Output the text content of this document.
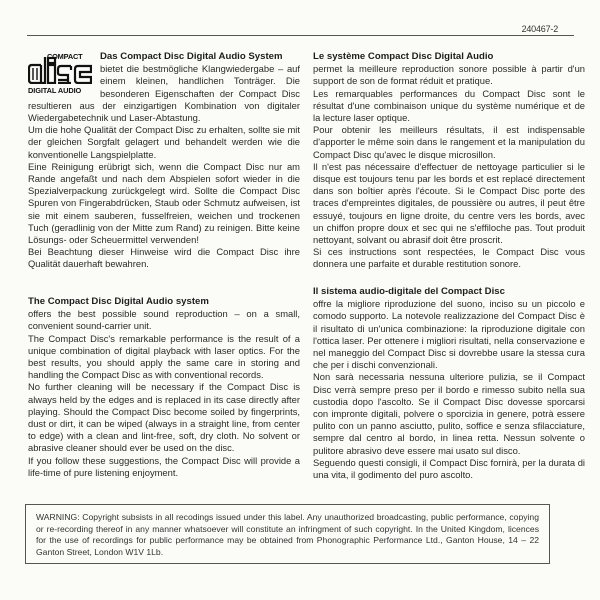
240467-2
COMPACT
DIGITAL AUDIO
Das Compact Disc Digital Audio System

bietet die bestmögliche Klangwiedergabe – auf einem kleinen, handlichen Tonträger. Die besonderen Eigenschaften der Compact Disc resultieren aus der einzigartigen Kombination von digitaler Wiedergabetechnik und Laser-Abtastung.

Um die hohe Qualität der Compact Disc zu erhalten, sollte sie mit der gleichen Sorgfalt gelagert und behandelt werden wie die konventionelle Langspielplatte.

Eine Reinigung erübrigt sich, wenn die Compact Disc nur am Rande angefaßt und nach dem Abspielen sofort wieder in die Spezialverpackung zurückgelegt wird. Sollte die Compact Disc Spuren von Fingerabdrücken, Staub oder Schmutz aufweisen, ist sie mit einem sauberen, fusselfreien, weichen und trockenen Tuch (geradlinig von der Mitte zum Rand) zu reinigen. Bitte keine Lösungs- oder Scheuermittel verwenden!

Bei Beachtung dieser Hinweise wird die Compact Disc ihre Qualität dauerhaft bewahren.

The Compact Disc Digital Audio system

offers the best possible sound reproduction – on a small, convenient sound-carrier unit.

The Compact Disc's remarkable performance is the result of a unique combination of digital playback with laser optics. For the best results, you should apply the same care in storing and handling the Compact Disc as with conventional records.

No further cleaning will be necessary if the Compact Disc is always held by the edges and is replaced in its case directly after playing. Should the Compact Disc become soiled by fingerprints, dust or dirt, it can be wiped (always in a straight line, from center to edge) with a clean and lint-free, soft, dry cloth. No solvent or abrasive cleaner should ever be used on the disc.

If you follow these suggestions, the Compact Disc will provide a life-time of pure listening enjoyment.

Le système Compact Disc Digital Audio

permet la meilleure reproduction sonore possible à partir d'un support de son de format réduit et pratique.

Les remarquables performances du Compact Disc sont le résultat d'une combinaison unique du système numérique et de la lecture laser optique.

Pour obtenir les meilleurs résultats, il est indispensable d'apporter le même soin dans le rangement et la manipulation du Compact Disc qu'avec le disque microsillon.

Il n'est pas nécessaire d'effectuer de nettoyage particulier si le disque est toujours tenu par les bords et est replacé directement dans son boîtier après l'écoute. Si le Compact Disc porte des traces d'empreintes digitales, de poussière ou autres, il peut être essuyé, toujours en ligne droite, du centre vers les bords, avec un chiffon propre doux et sec qui ne s'effiloche pas. Tout produit nettoyant, solvant ou abrasif doit être proscrit.

Si ces instructions sont respectées, le Compact Disc vous donnera une parfaite et durable restitution sonore.

Il sistema audio-digitale del Compact Disc

offre la migliore riproduzione del suono, inciso su un piccolo e comodo supporto. La notevole realizzazione del Compact Disc è il risultato di un'unica combinazione: la riproduzione digitale con l'ottica laser. Per ottenere i migliori risultati, nella conservazione e nel maneggio del Compact Disc si dovrebbe usare la stessa cura che per i dischi convenzionali.

Non sarà necessaria nessuna ulteriore pulizia, se il Compact Disc verrà sempre preso per il bordo e rimesso subito nella sua custodia dopo l'ascolto. Se il Compact Disc dovesse sporcarsi con impronte digitali, polvere o sporcizia in genere, potrà essere pulito con un panno asciutto, pulito, soffice e senza sfilacciature, sempre dal centro al bordo, in linea retta. Nessun solvente o pulitore abrasivo deve essere mai usato sul disco.

Seguendo questi consigli, il Compact Disc fornirà, per la durata di una vita, il godimento del puro ascolto.

WARNING: Copyright subsists in all recodings issued under this label. Any unauthorized broadcasting, public performance, copying or re-recording thereof in any manner whatsoever will constitute an infringment of such copyright. In the United Kingdom, licences for the use of recordings for public performance may be obtained from Phonographic Performance Ltd., Ganton House, 14 – 22 Ganton Street, London W1V 1Lb.
